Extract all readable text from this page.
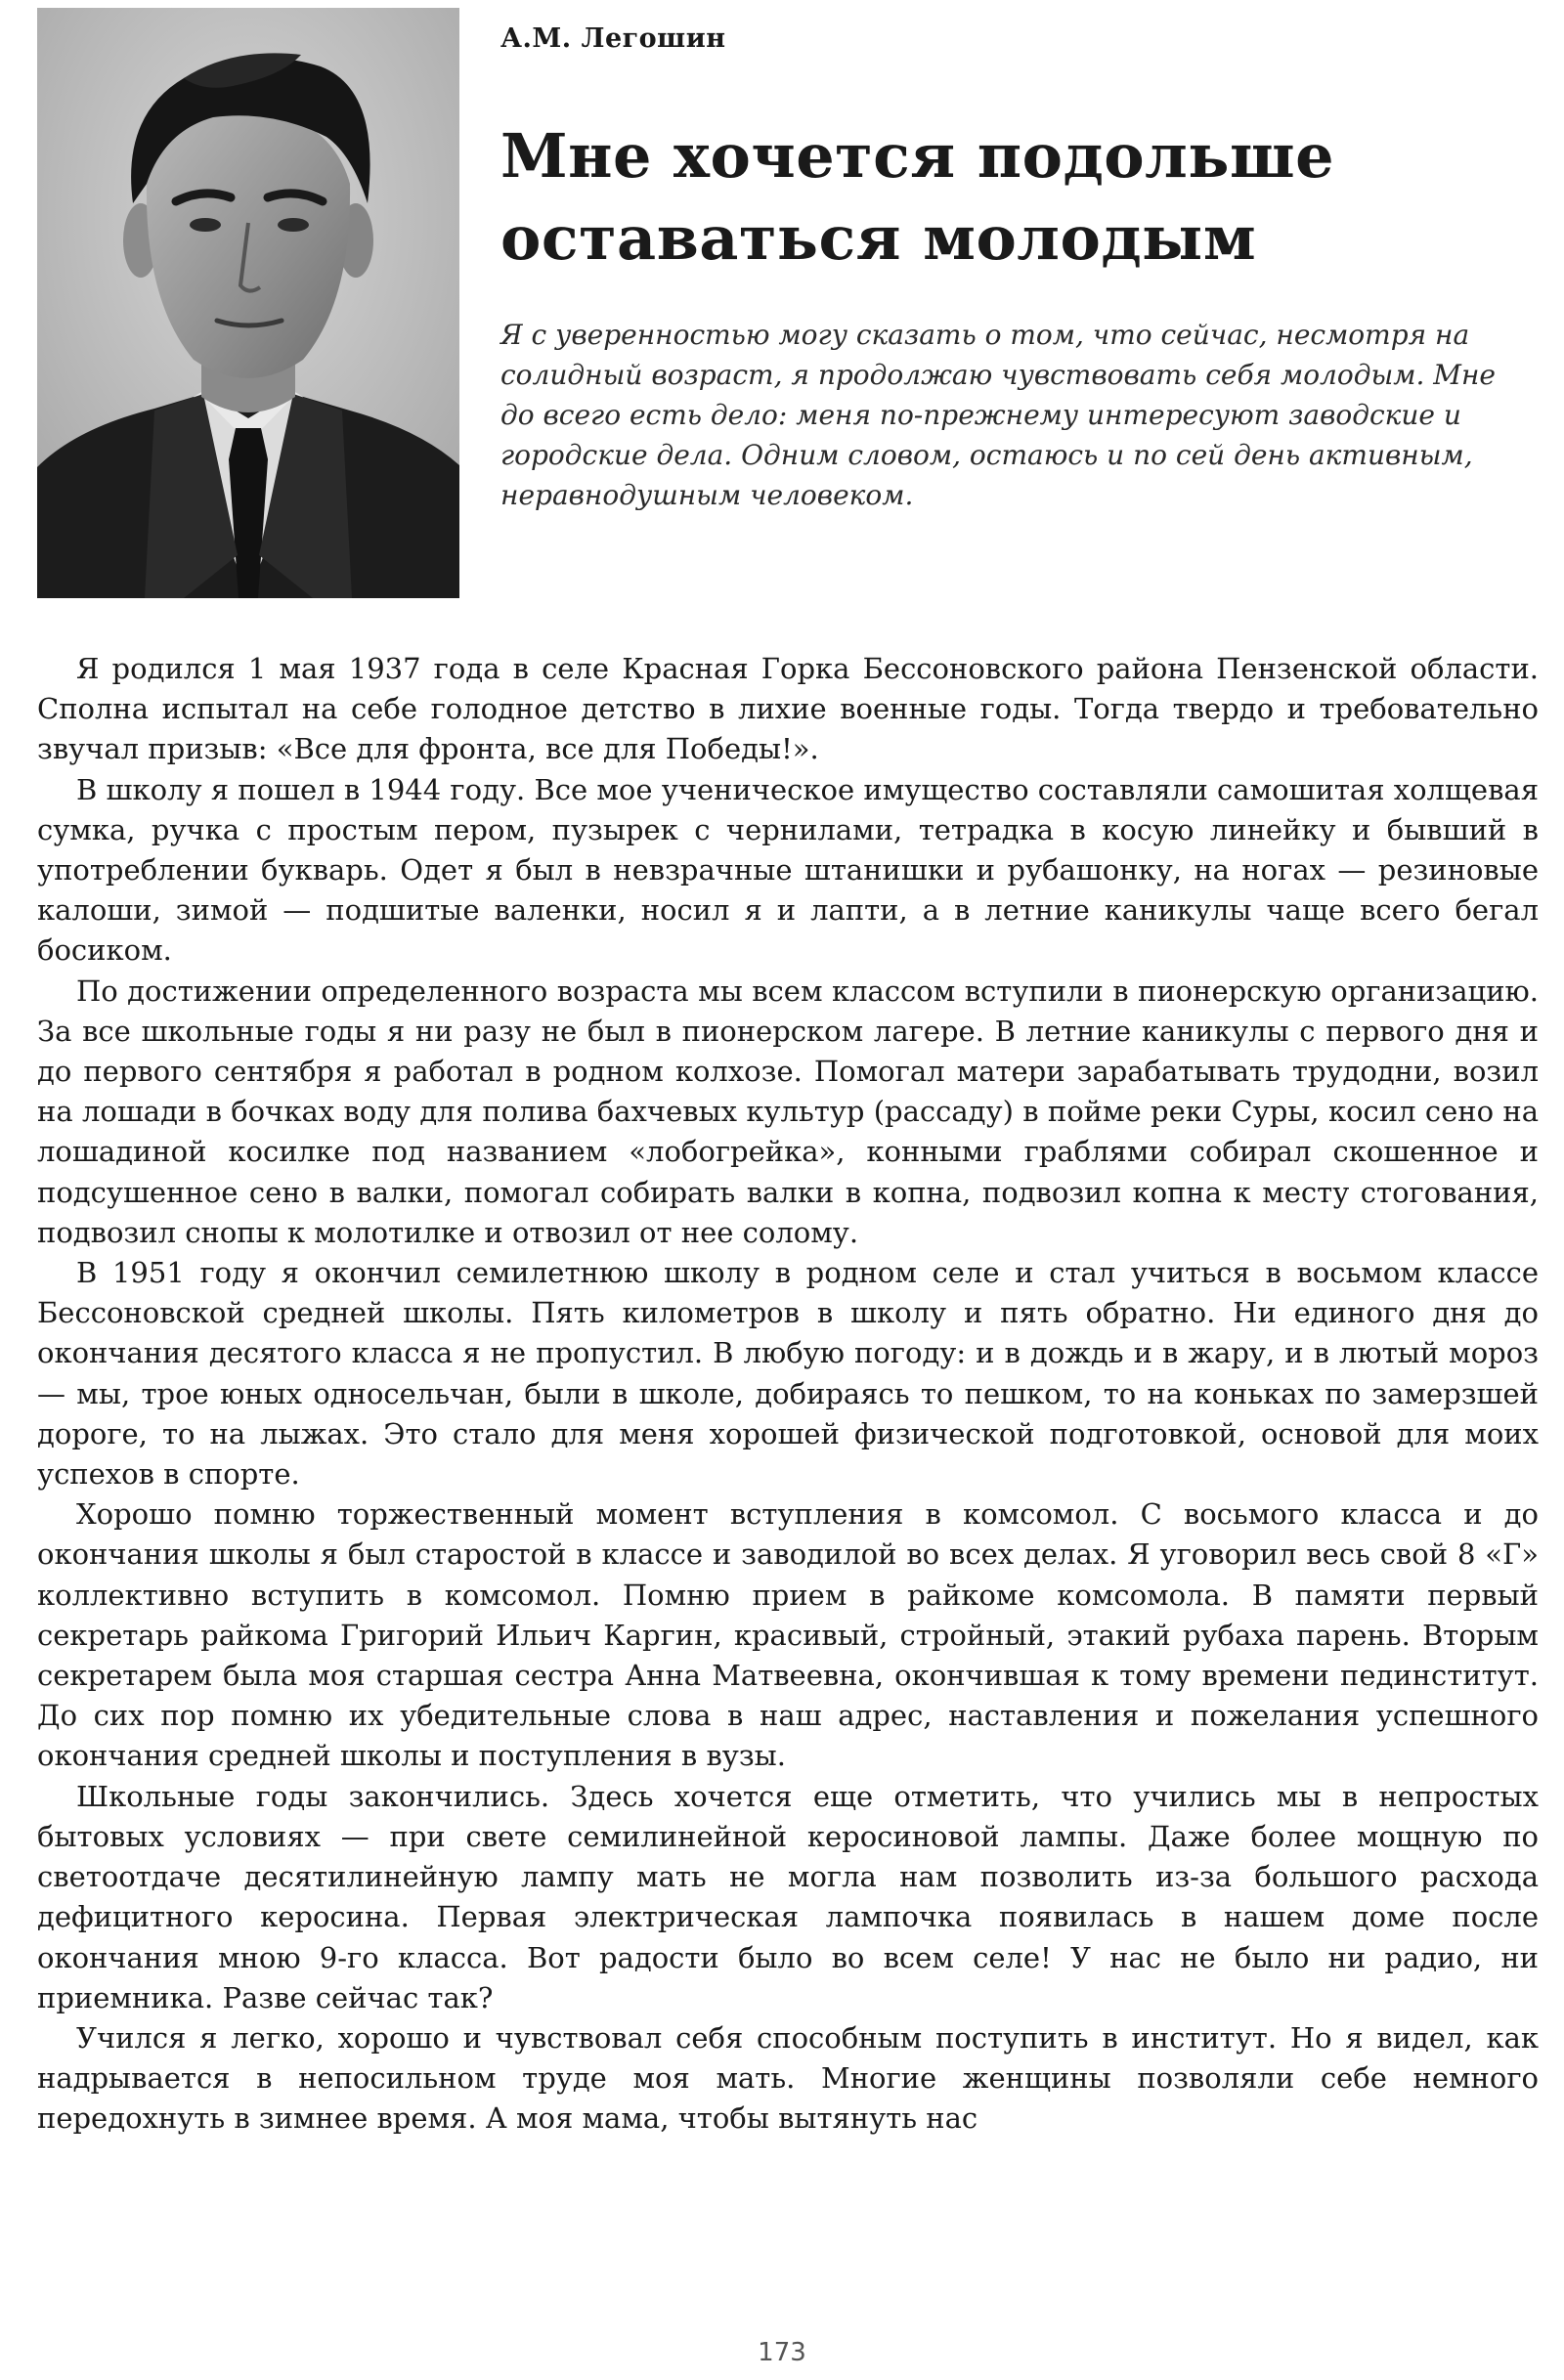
А.М. Легошин

Мне хочется подольше оставаться молодым

Я с уверенностью могу сказать о том, что сейчас, несмотря на солидный возраст, я продолжаю чувствовать себя молодым. Мне до всего есть дело: меня по-прежнему интересуют заводские и городские дела. Одним словом, остаюсь и по сей день активным, неравнодушным человеком.

Я родился 1 мая 1937 года в селе Красная Горка Бессоновского района Пензенской области. Сполна испытал на себе голодное детство в лихие военные годы. Тогда твердо и требовательно звучал призыв: «Все для фронта, все для Победы!».

В школу я пошел в 1944 году. Все мое ученическое имущество составляли самошитая холщевая сумка, ручка с простым пером, пузырек с чернилами, тетрадка в косую линейку и бывший в употреблении букварь. Одет я был в невзрачные штанишки и рубашонку, на ногах — резиновые калоши, зимой — подшитые валенки, носил я и лапти, а в летние каникулы чаще всего бегал босиком.

По достижении определенного возраста мы всем классом вступили в пионерскую организацию. За все школьные годы я ни разу не был в пионерском лагере. В летние каникулы с первого дня и до первого сентября я работал в родном колхозе. Помогал матери зарабатывать трудодни, возил на лошади в бочках воду для полива бахчевых культур (рассаду) в пойме реки Суры, косил сено на лошадиной косилке под названием «лобогрейка», конными граблями собирал скошенное и подсушенное сено в валки, помогал собирать валки в копна, подвозил копна к месту стогования, подвозил снопы к молотилке и отвозил от нее солому.

В 1951 году я окончил семилетнюю школу в родном селе и стал учиться в восьмом классе Бессоновской средней школы. Пять километров в школу и пять обратно. Ни единого дня до окончания десятого класса я не пропустил. В любую погоду: и в дождь и в жару, и в лютый мороз — мы, трое юных односельчан, были в школе, добираясь то пешком, то на коньках по замерзшей дороге, то на лыжах. Это стало для меня хорошей физической подготовкой, основой для моих успехов в спорте.

Хорошо помню торжественный момент вступления в комсомол. С восьмого класса и до окончания школы я был старостой в классе и заводилой во всех делах. Я уговорил весь свой 8 «Г» коллективно вступить в комсомол. Помню прием в райкоме комсомола. В памяти первый секретарь райкома Григорий Ильич Каргин, красивый, стройный, этакий рубаха парень. Вторым секретарем была моя старшая сестра Анна Матвеевна, окончившая к тому времени пединститут. До сих пор помню их убедительные слова в наш адрес, наставления и пожелания успешного окончания средней школы и поступления в вузы.

Школьные годы закончились. Здесь хочется еще отметить, что учились мы в непростых бытовых условиях — при свете семилинейной керосиновой лампы. Даже более мощную по светоотдаче десятилинейную лампу мать не могла нам позволить из-за большого расхода дефицитного керосина. Первая электрическая лампочка появилась в нашем доме после окончания мною 9-го класса. Вот радости было во всем селе! У нас не было ни радио, ни приемника. Разве сейчас так?

Учился я легко, хорошо и чувствовал себя способным поступить в институт. Но я видел, как надрывается в непосильном труде моя мать. Многие женщины позволяли себе немного передохнуть в зимнее время. А моя мама, чтобы вытянуть нас

173
